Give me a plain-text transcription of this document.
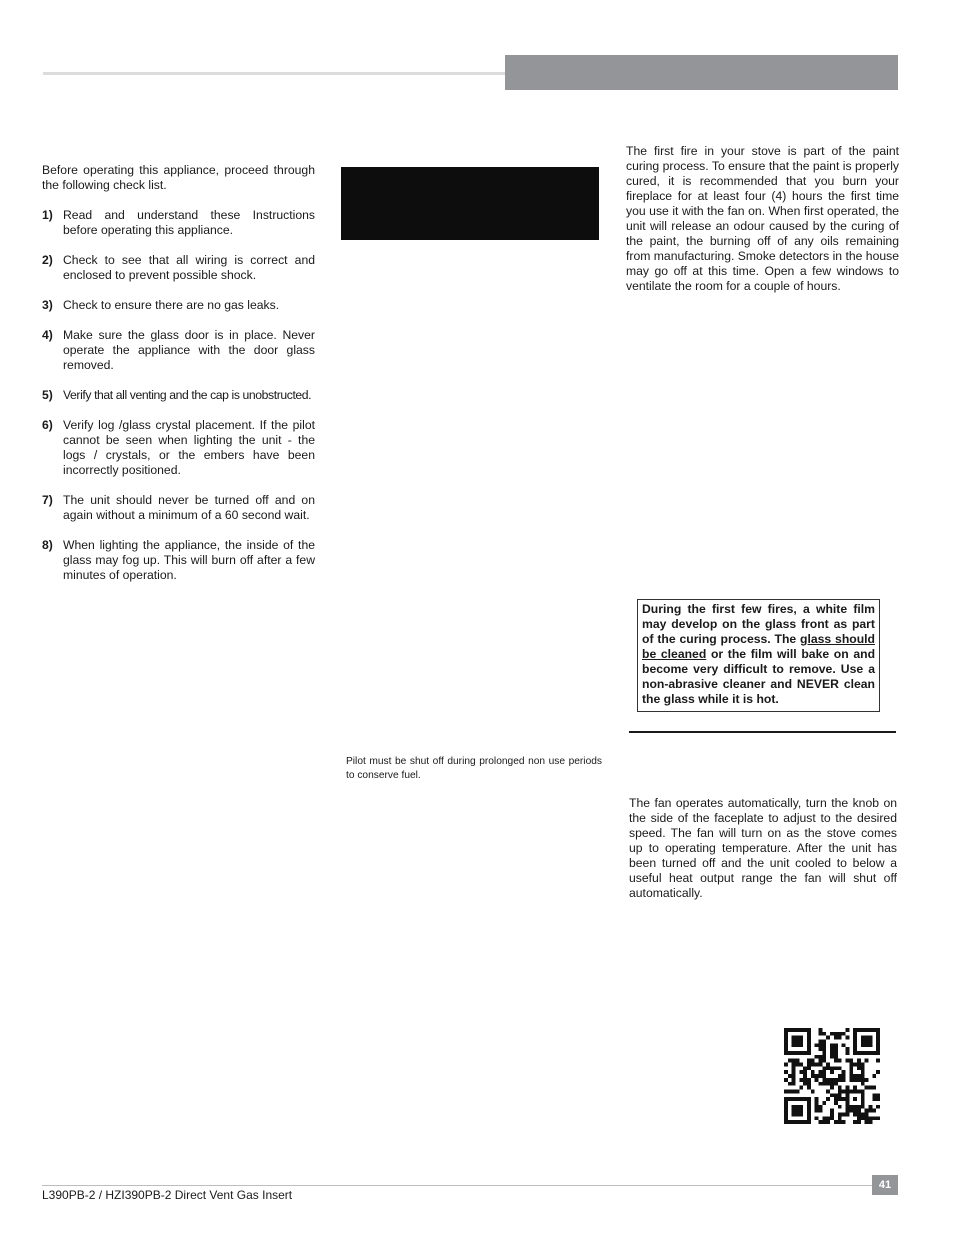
Before operating this appliance, proceed through the following check list.

1) Read and understand these Instructions before operating this appliance.
2) Check to see that all wiring is correct and enclosed to prevent possible shock.
3) Check to ensure there are no gas leaks.
4) Make sure the glass door is in place. Never operate the appliance with the door glass removed.
5) Verify that all venting and the cap is unobstructed.
6) Verify log /glass crystal placement. If the pilot cannot be seen when lighting the unit - the logs / crystals, or the embers have been incorrectly positioned.
7) The unit should never be turned off and on again without a minimum of a 60 second wait.
8) When lighting the appliance, the inside of the glass may fog up. This will burn off after a few minutes of operation.
Pilot must be shut off during prolonged non use periods to conserve fuel.
The first fire in your stove is part of the paint curing process. To ensure that the paint is properly cured, it is recommended that you burn your fireplace for at least four (4) hours the first time you use it with the fan on. When first operated, the unit will release an odour caused by the curing of the paint, the burning off of any oils remaining from manufacturing. Smoke detectors in the house may go off at this time. Open a few windows to ventilate the room for a couple of hours.
During the first few fires, a white film may develop on the glass front as part of the curing process. The glass should be cleaned or the film will bake on and become very difficult to remove. Use a non-abrasive cleaner and NEVER clean the glass while it is hot.
The fan operates automatically, turn the knob on the side of the faceplate to adjust to the desired speed. The fan will turn on as the stove comes up to operating temperature. After the unit has been turned off and the unit cooled to below a useful heat output range the fan will shut off automatically.
41
L390PB-2 / HZI390PB-2 Direct Vent Gas Insert
